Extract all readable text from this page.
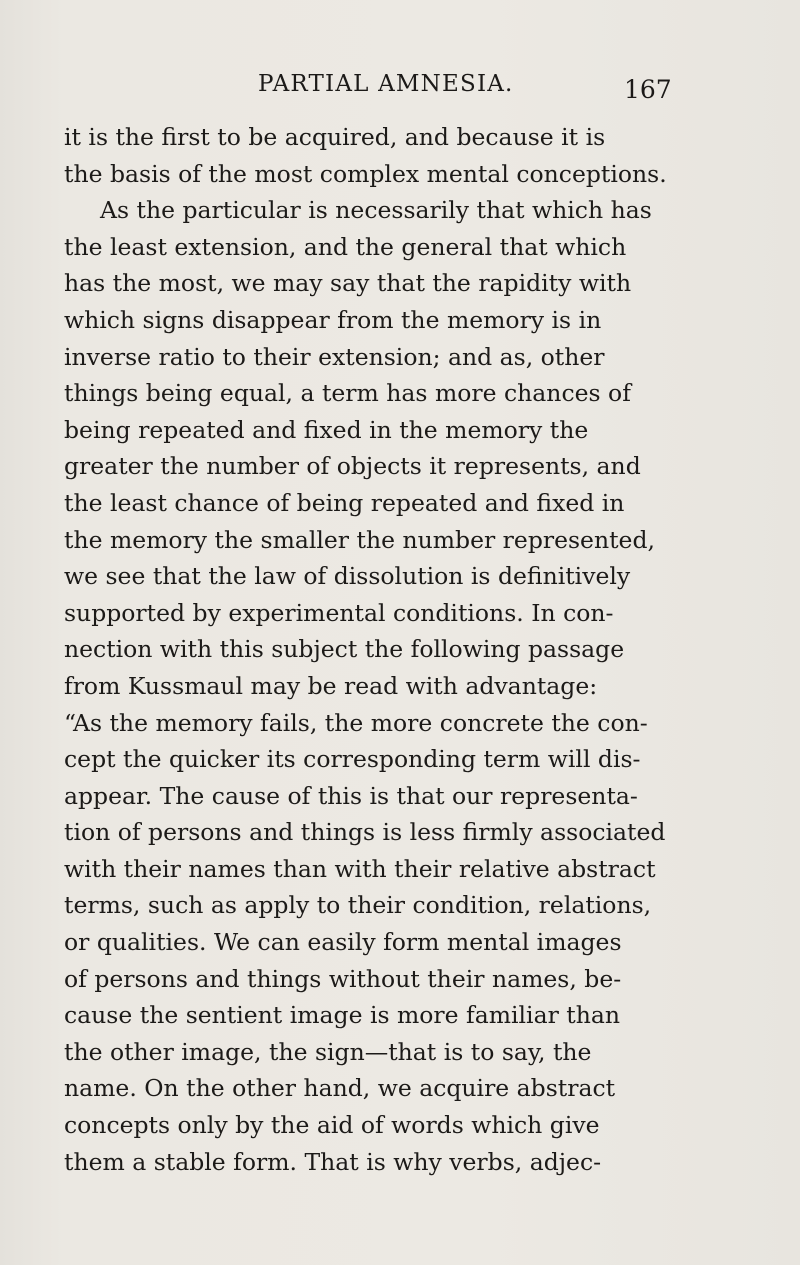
PARTIAL AMNESIA.	167
it is the first to be acquired, and because it is
the basis of the most complex mental conceptions.
As the particular is necessarily that which has
the least extension, and the general that which
has the most, we may say that the rapidity with
which signs disappear from the memory is in
inverse ratio to their extension; and as, other
things being equal, a term has more chances of
being repeated and fixed in the memory the
greater the number of objects it represents, and
the least chance of being repeated and fixed in
the memory the smaller the number represented,
we see that the law of dissolution is definitively
supported by experimental conditions. In con-
nection with this subject the following passage
from Kussmaul may be read with advantage:
“As the memory fails, the more concrete the con-
cept the quicker its corresponding term will dis-
appear. The cause of this is that our representa-
tion of persons and things is less firmly associated
with their names than with their relative abstract
terms, such as apply to their condition, relations,
or qualities. We can easily form mental images
of persons and things without their names, be-
cause the sentient image is more familiar than
the other image, the sign—that is to say, the
name. On the other hand, we acquire abstract
concepts only by the aid of words which give
them a stable form. That is why verbs, adjec-
